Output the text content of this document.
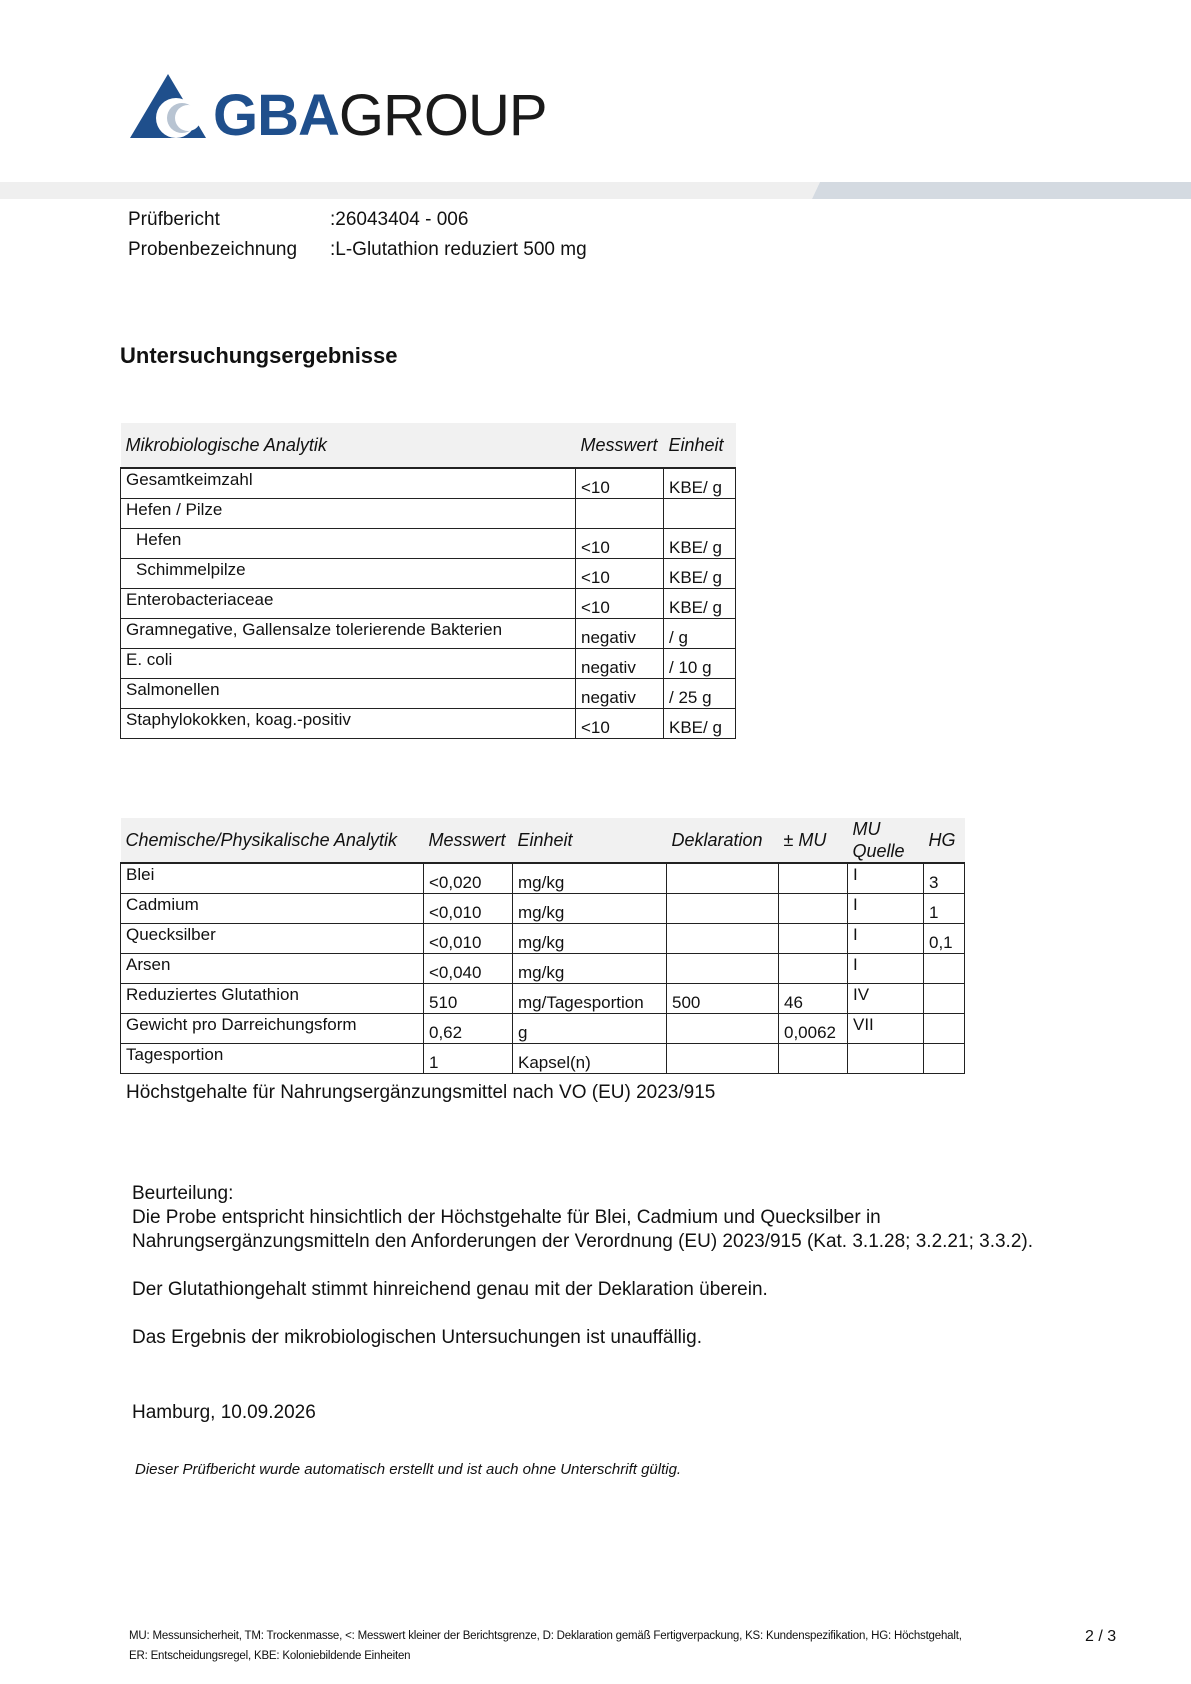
GBAGROUP
Prüfbericht	:26043404 - 006
Probenbezeichnung :L-Glutathion reduziert 500 mg
Untersuchungsergebnisse
Mikrobiologische Analytik	Messwert	Einheit
Gesamtkeimzahl	<10	KBE/ g
Hefen / Pilze		
Hefen	<10	KBE/ g
Schimmelpilze	<10	KBE/ g
Enterobacteriaceae	<10	KBE/ g
Gramnegative, Gallensalze tolerierende Bakterien	negativ	/ g
E. coli	negativ	/ 10 g
Salmonellen	negativ	/ 25 g
Staphylokokken, koag.-positiv	<10	KBE/ g
Chemische/Physikalische Analytik	Messwert	Einheit	Deklaration	± MU	MU Quelle	HG
Blei	<0,020	mg/kg			I	3
Cadmium	<0,010	mg/kg			I	1
Quecksilber	<0,010	mg/kg			I	0,1
Arsen	<0,040	mg/kg			I	
Reduziertes Glutathion	510	mg/Tagesportion	500	46	IV	
Gewicht pro Darreichungsform	0,62	g		0,0062	VII	
Tagesportion	1	Kapsel(n)				
Höchstgehalte für Nahrungsergänzungsmittel nach VO (EU) 2023/915
Beurteilung:
Die Probe entspricht hinsichtlich der Höchstgehalte für Blei, Cadmium und Quecksilber in
Nahrungsergänzungsmitteln den Anforderungen der Verordnung (EU) 2023/915 (Kat. 3.1.28; 3.2.21; 3.3.2).
Der Glutathiongehalt stimmt hinreichend genau mit der Deklaration überein.
Das Ergebnis der mikrobiologischen Untersuchungen ist unauffällig.
Hamburg, 10.09.2026
Dieser Prüfbericht wurde automatisch erstellt und ist auch ohne Unterschrift gültig.
MU: Messunsicherheit, TM: Trockenmasse, <: Messwert kleiner der Berichtsgrenze, D: Deklaration gemäß Fertigverpackung, KS: Kundenspezifikation, HG: Höchstgehalt,
ER: Entscheidungsregel, KBE: Koloniebildende Einheiten
2 / 3
